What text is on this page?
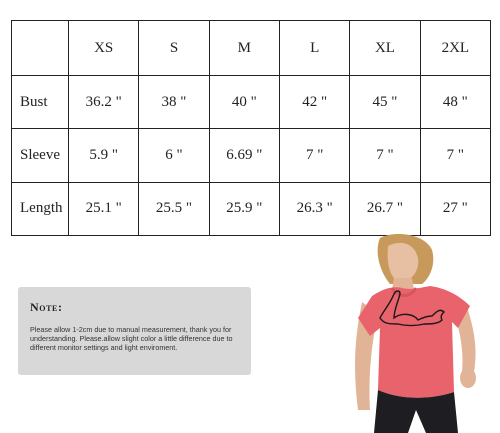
	XS	S	M	L	XL	2XL
Bust	36.2 "	38 "	40 "	42 "	45 "	48 "
Sleeve	5.9 "	6 "	6.69 "	7 "	7 "	7 "
Length	25.1 "	25.5 "	25.9 "	26.3 "	26.7 "	27 "
Note:
Please allow 1-2cm due to manual measurement, thank you for understanding. Please.allow slight color a little difference due to different monitor settings and light enviroment.
